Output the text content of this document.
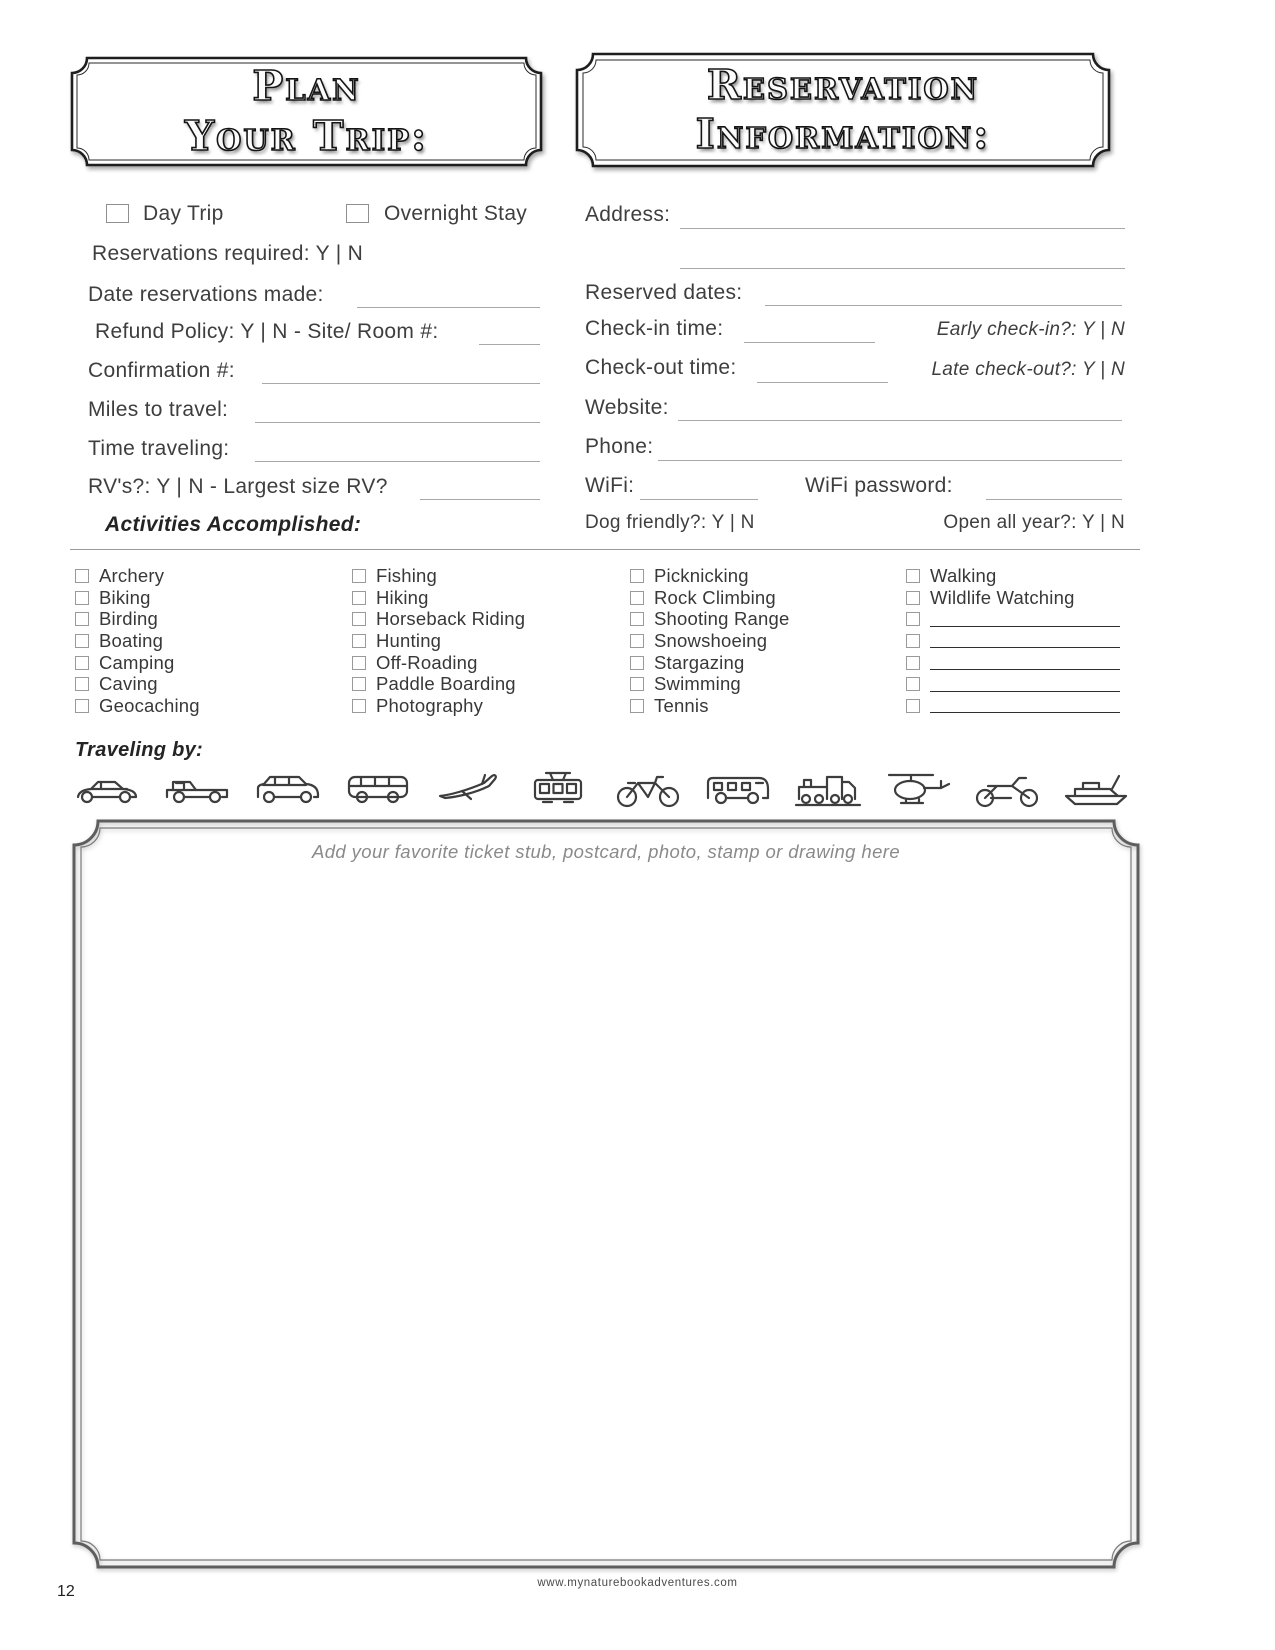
Plan
Your Trip:
Reservation
Information:
Day Trip	Overnight Stay
Reservations required: Y | N
Date reservations made:
Refund Policy: Y | N - Site/ Room #:
Confirmation #:
Miles to travel:
Time traveling:
RV's?: Y | N - Largest size RV?
Activities Accomplished:
Address:
Reserved dates:
Check-in time:	Early check-in?: Y | N
Check-out time:	Late check-out?: Y | N
Website:
Phone:
WiFi:	WiFi password:
Dog friendly?: Y | N	Open all year?: Y | N
Archery
Biking
Birding
Boating
Camping
Caving
Geocaching
Fishing
Hiking
Horseback Riding
Hunting
Off-Roading
Paddle Boarding
Photography
Picknicking
Rock Climbing
Shooting Range
Snowshoeing
Stargazing
Swimming
Tennis
Walking
Wildlife Watching
Traveling by:
Add your favorite ticket stub, postcard, photo, stamp or drawing here
www.mynaturebookadventures.com
12
